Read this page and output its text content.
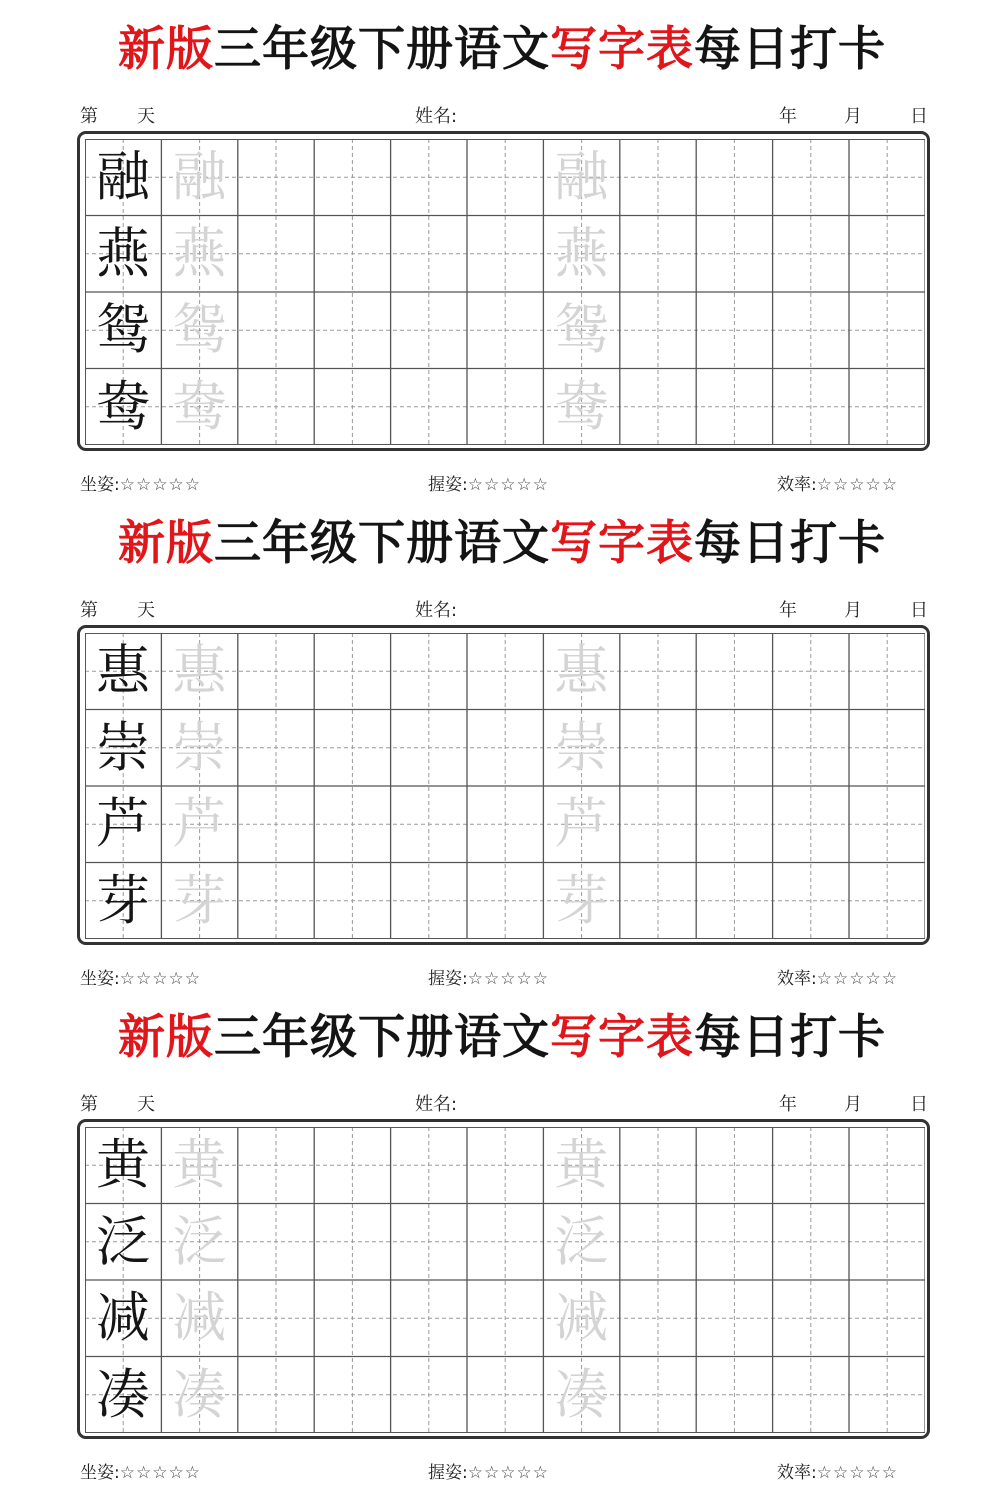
新版三年级下册语文写字表每日打卡
第 天	姓名:	年	月	日
融 融	融
燕 燕	燕
鸳 鸳	鸳
鸯 鸯	鸯
坐姿:☆☆☆☆☆	握姿:☆☆☆☆☆	效率:☆☆☆☆☆
新版三年级下册语文写字表每日打卡
第 天	姓名:	年	月	日
惠 惠	惠
崇 崇	崇
芦 芦	芦
芽 芽	芽
坐姿:☆☆☆☆☆	握姿:☆☆☆☆☆	效率:☆☆☆☆☆
新版三年级下册语文写字表每日打卡
第 天	姓名:	年	月	日
黄 黄	黄
泛 泛	泛
减 减	减
凑 凑	凑
坐姿:☆☆☆☆☆	握姿:☆☆☆☆☆	效率:☆☆☆☆☆
